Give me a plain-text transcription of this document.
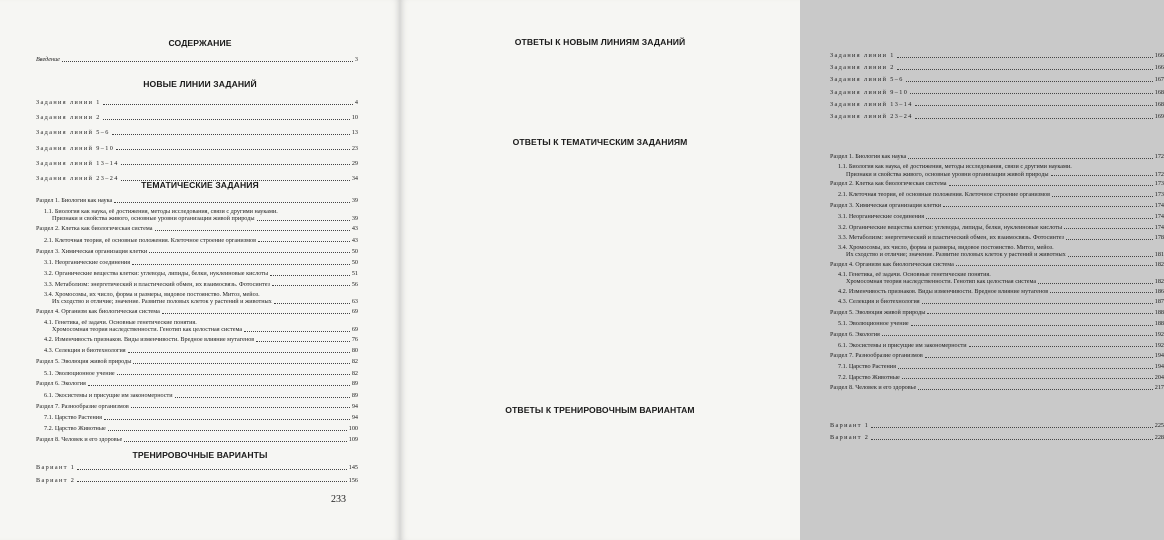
СОДЕРЖАНИЕ
Введение	3
НОВЫЕ ЛИНИИ ЗАДАНИЙ
Задания линии 1	4
Задания линии 2	10
Задания линий 5–6	13
Задания линий 9–10	23
Задания линий 13–14	29
Задания линий 23–24	34
ТЕМАТИЧЕСКИЕ ЗАДАНИЯ
Раздел 1. Биология как наука	39
1.1. Биология как наука, её достижения, методы исследования, связи с другими науками.
Признаки и свойства живого, основные уровни организации живой природы	39
Раздел 2. Клетка как биологическая система	43
2.1. Клеточная теория, её основные положения. Клеточное строение организмов	43
Раздел 3. Химическая организация клетки	50
3.1. Неорганические соединения	50
3.2. Органические вещества клетки: углеводы, липиды, белки, нуклеиновые кислоты	51
3.3. Метаболизм: энергетический и пластический обмен, их взаимосвязь. Фотосинтез	56
3.4. Хромосомы, их число, форма и размеры, видовое постоянство. Митоз, мейоз.
Их сходство и отличие; значение. Развитие половых клеток у растений и животных	63
Раздел 4. Организм как биологическая система	69
4.1. Генетика, её задачи. Основные генетические понятия.
Хромосомная теория наследственности. Генотип как целостная система	69
4.2. Изменчивость признаков. Виды изменчивости. Вредное влияние мутагенов	76
4.3. Селекция и биотехнология	80
Раздел 5. Эволюция живой природы	82
5.1. Эволюционное учение	82
Раздел 6. Экология	89
6.1. Экосистемы и присущие им закономерности	89
Раздел 7. Разнообразие организмов	94
7.1. Царство Растения	94
7.2. Царство Животные	100
Раздел 8. Человек и его здоровье	109
ТРЕНИРОВОЧНЫЕ ВАРИАНТЫ
Вариант 1	145
Вариант 2	156
233
ОТВЕТЫ К НОВЫМ ЛИНИЯМ ЗАДАНИЙ
Задания линии 1	166
Задания линии 2	166
Задания линий 5–6	167
Задания линий 9–10	168
Задания линий 13–14	168
Задания линий 23–24	169
ОТВЕТЫ К ТЕМАТИЧЕСКИМ ЗАДАНИЯМ
Раздел 1. Биология как наука	172
1.1. Биология как наука, её достижения, методы исследования, связи с другими науками.
Признаки и свойства живого, основные уровни организации живой природы	172
Раздел 2. Клетка как биологическая система	173
2.1. Клеточная теория, её основные положения. Клеточное строение организмов	173
Раздел 3. Химическая организация клетки	174
3.1. Неорганические соединения	174
3.2. Органические вещества клетки: углеводы, липиды, белки, нуклеиновые кислоты	174
3.3. Метаболизм: энергетический и пластический обмен, их взаимосвязь. Фотосинтез	178
3.4. Хромосомы, их число, форма и размеры, видовое постоянство. Митоз, мейоз.
Их сходство и отличие; значение. Развитие половых клеток у растений и животных	181
Раздел 4. Организм как биологическая система	182
4.1. Генетика, её задачи. Основные генетические понятия.
Хромосомная теория наследственности. Генотип как целостная система	182
4.2. Изменчивость признаков. Виды изменчивости. Вредное влияние мутагенов	186
4.3. Селекция и биотехнология	187
Раздел 5. Эволюция живой природы	188
5.1. Эволюционное учение	188
Раздел 6. Экология	192
6.1. Экосистемы и присущие им закономерности	192
Раздел 7. Разнообразие организмов	194
7.1. Царство Растения	194
7.2. Царство Животные	204
Раздел 8. Человек и его здоровье	217
ОТВЕТЫ К ТРЕНИРОВОЧНЫМ ВАРИАНТАМ
Вариант 1	225
Вариант 2	228
